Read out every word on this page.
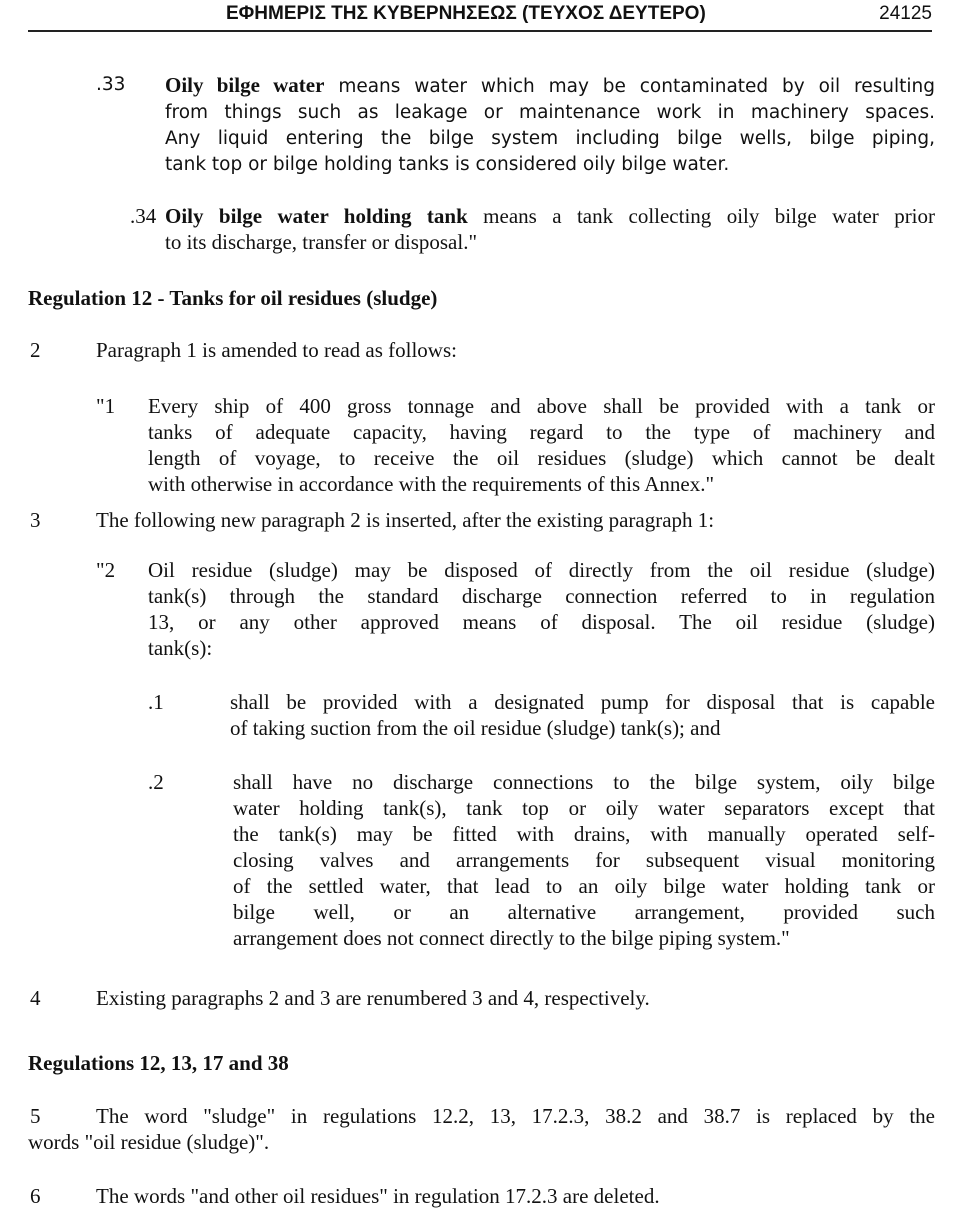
ΕΦΗΜΕΡΙΣ ΤΗΣ ΚΥΒΕΡΝΗΣΕΩΣ (ΤΕΥΧΟΣ ΔΕΥΤΕΡΟ)	24125
.33 Oily bilge water means water which may be contaminated by oil resulting
from things such as leakage or maintenance work in machinery spaces.
Any liquid entering the bilge system including bilge wells, bilge piping,
tank top or bilge holding tanks is considered oily bilge water.
.34 Oily bilge water holding tank means a tank collecting oily bilge water prior
to its discharge, transfer or disposal."
Regulation 12 - Tanks for oil residues (sludge)
2	Paragraph 1 is amended to read as follows:
"1 Every ship of 400 gross tonnage and above shall be provided with a tank or
tanks of adequate capacity, having regard to the type of machinery and
length of voyage, to receive the oil residues (sludge) which cannot be dealt
with otherwise in accordance with the requirements of this Annex."
3	The following new paragraph 2 is inserted, after the existing paragraph 1:
"2 Oil residue (sludge) may be disposed of directly from the oil residue (sludge)
tank(s) through the standard discharge connection referred to in regulation
13, or any other approved means of disposal. The oil residue (sludge)
tank(s):
.1	shall be provided with a designated pump for disposal that is capable
of taking suction from the oil residue (sludge) tank(s); and
.2	shall have no discharge connections to the bilge system, oily bilge
water holding tank(s), tank top or oily water separators except that
the tank(s) may be fitted with drains, with manually operated self-
closing valves and arrangements for subsequent visual monitoring
of the settled water, that lead to an oily bilge water holding tank or
bilge well, or an alternative arrangement, provided such
arrangement does not connect directly to the bilge piping system."
4	Existing paragraphs 2 and 3 are renumbered 3 and 4, respectively.
Regulations 12, 13, 17 and 38
5	The word "sludge" in regulations 12.2, 13, 17.2.3, 38.2 and 38.7 is replaced by the
words "oil residue (sludge)".
6	The words "and other oil residues" in regulation 17.2.3 are deleted.
